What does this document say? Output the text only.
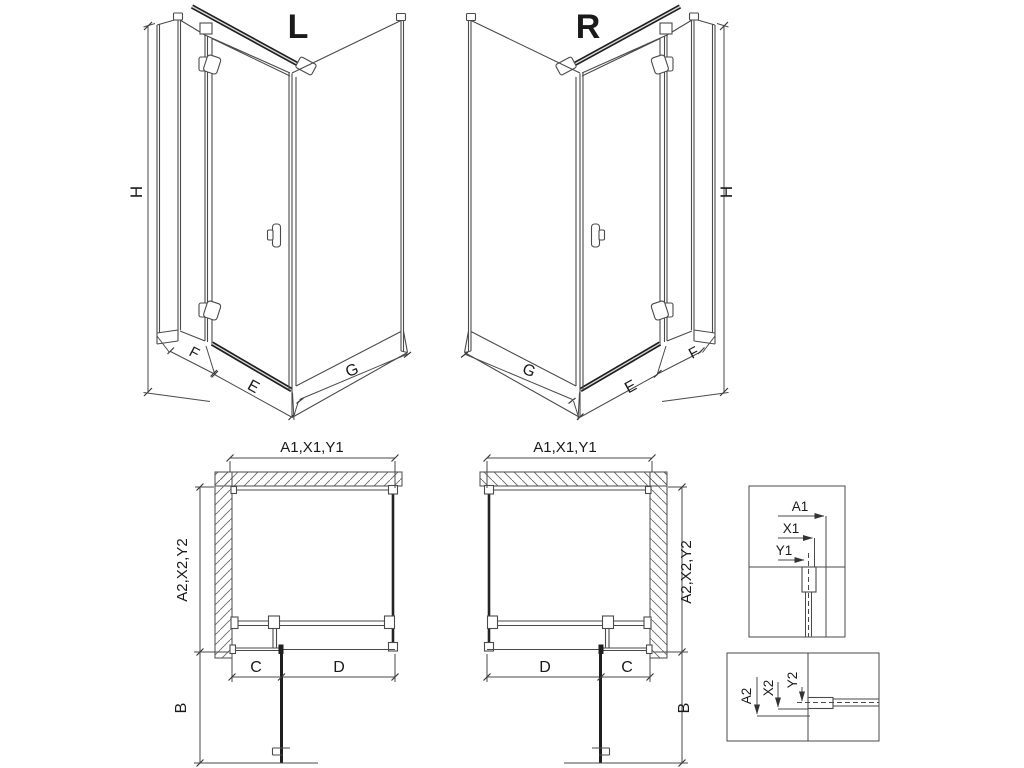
L
H
F
E
G
R
H
F
E
G
A1,X1,Y1
A2,X2,Y2
B
C	D
A1,X1,Y1
A2,X2,Y2
B
D	C
A1
X1
Y1
A2 X2 Y2
